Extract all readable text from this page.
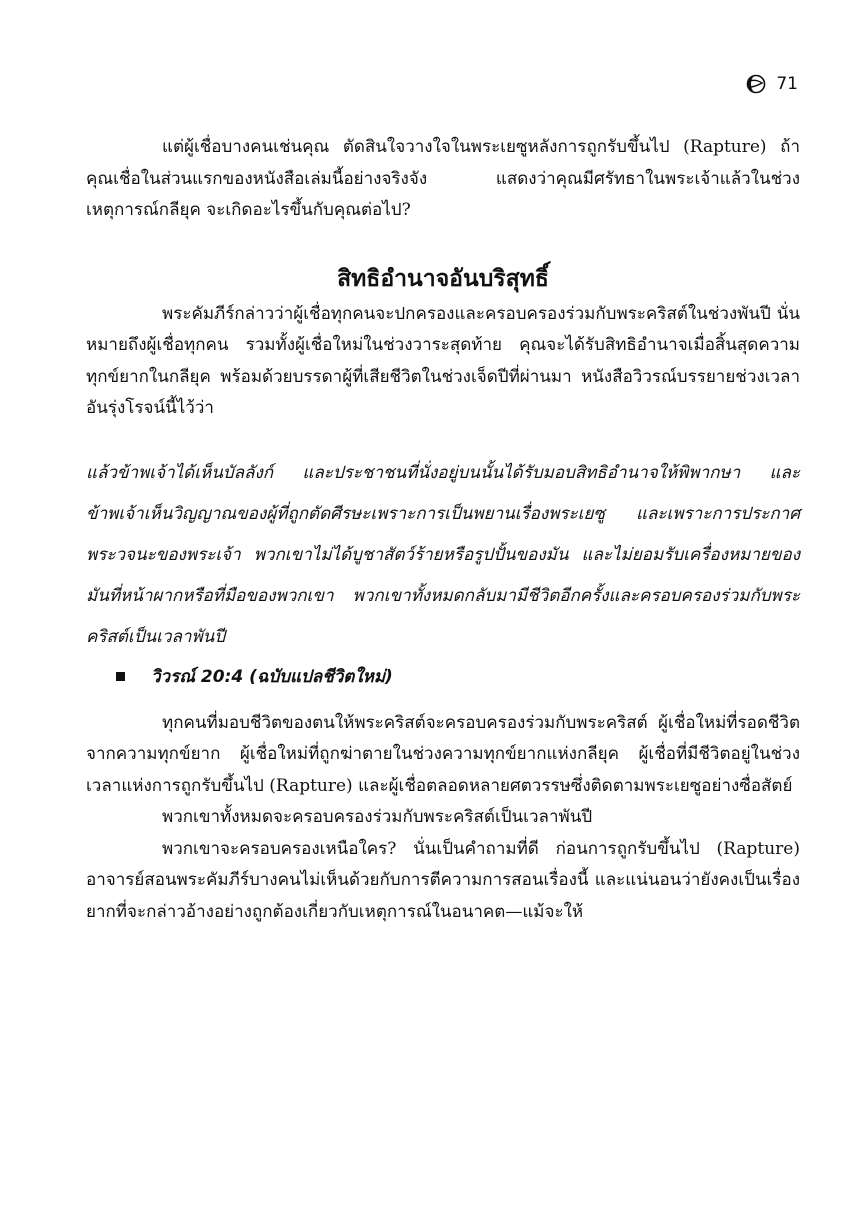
71

แต่ผู้เชื่อบางคนเช่นคุณ ตัดสินใจวางใจในพระเยซูหลังการถูกรับขึ้นไป (Rapture) ถ้าคุณเชื่อในส่วนแรกของหนังสือเล่มนี้อย่างจริงจัง แสดงว่าคุณมีศรัทธาในพระเจ้าแล้วในช่วงเหตุการณ์กลียุค จะเกิดอะไรขึ้นกับคุณต่อไป?

สิทธิอำนาจอันบริสุทธิ์

พระคัมภีร์กล่าวว่าผู้เชื่อทุกคนจะปกครองและครอบครองร่วมกับพระคริสต์ในช่วงพันปี นั่นหมายถึงผู้เชื่อทุกคน รวมทั้งผู้เชื่อใหม่ในช่วงวาระสุดท้าย คุณจะได้รับสิทธิอำนาจเมื่อสิ้นสุดความทุกข์ยากในกลียุค พร้อมด้วยบรรดาผู้ที่เสียชีวิตในช่วงเจ็ดปีที่ผ่านมา หนังสือวิวรณ์บรรยายช่วงเวลาอันรุ่งโรจน์นี้ไว้ว่า

แล้วข้าพเจ้าได้เห็นบัลลังก์ และประชาชนที่นั่งอยู่บนนั้นได้รับมอบสิทธิอำนาจให้พิพากษา และข้าพเจ้าเห็นวิญญาณของผู้ที่ถูกตัดศีรษะเพราะการเป็นพยานเรื่องพระเยซู และเพราะการประกาศพระวจนะของพระเจ้า พวกเขาไม่ได้บูชาสัตว์ร้ายหรือรูปปั้นของมัน และไม่ยอมรับเครื่องหมายของมันที่หน้าผากหรือที่มือของพวกเขา พวกเขาทั้งหมดกลับมามีชีวิตอีกครั้งและครอบครองร่วมกับพระคริสต์เป็นเวลาพันปี
วิวรณ์ 20:4 (ฉบับแปลชีวิตใหม่)

ทุกคนที่มอบชีวิตของตนให้พระคริสต์จะครอบครองร่วมกับพระคริสต์ ผู้เชื่อใหม่ที่รอดชีวิตจากความทุกข์ยาก ผู้เชื่อใหม่ที่ถูกฆ่าตายในช่วงความทุกข์ยากแห่งกลียุค ผู้เชื่อที่มีชีวิตอยู่ในช่วงเวลาแห่งการถูกรับขึ้นไป (Rapture) และผู้เชื่อตลอดหลายศตวรรษซึ่งติดตามพระเยซูอย่างซื่อสัตย์

พวกเขาทั้งหมดจะครอบครองร่วมกับพระคริสต์เป็นเวลาพันปี

พวกเขาจะครอบครองเหนือใคร? นั่นเป็นคำถามที่ดี ก่อนการถูกรับขึ้นไป (Rapture) อาจารย์สอนพระคัมภีร์บางคนไม่เห็นด้วยกับการตีความการสอนเรื่องนี้ และแน่นอนว่ายังคงเป็นเรื่องยากที่จะกล่าวอ้างอย่างถูกต้องเกี่ยวกับเหตุการณ์ในอนาคต—แม้จะให้
